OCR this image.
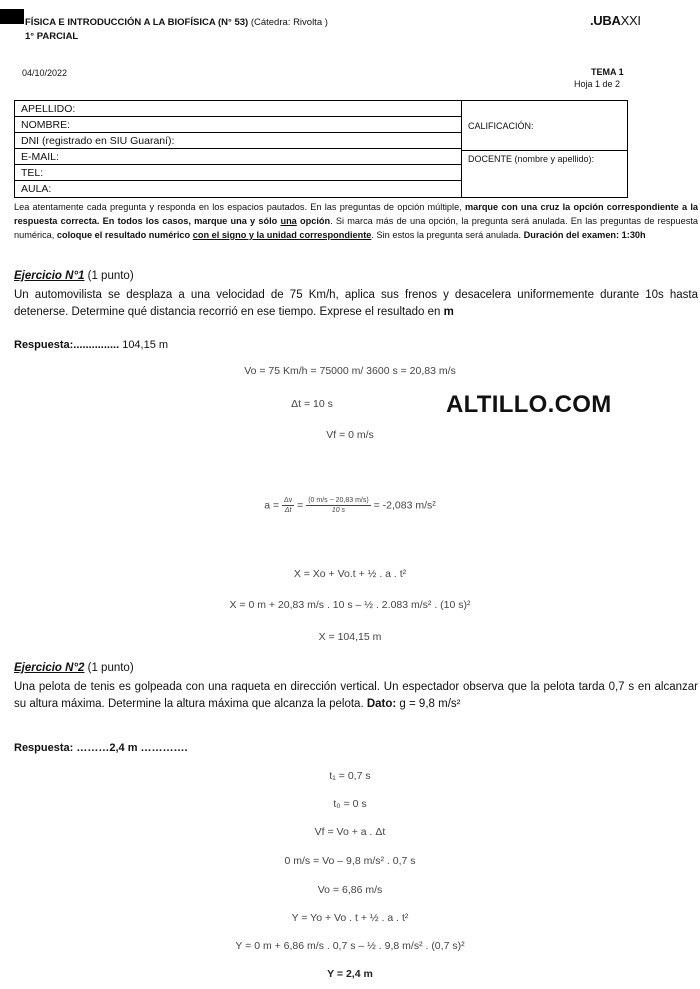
FÍSICA E INTRODUCCIÓN A LA BIOFÍSICA (N° 53) (Cátedra: Rivolta )
1° PARCIAL
.UBAXXI
04/10/2022	TEMA 1
Hoja 1 de 2
APELLIDO:
NOMBRE:
DNI (registrado en SIU Guaraní):
E-MAIL:
TEL:
AULA:
CALIFICACIÓN:
DOCENTE (nombre y apellido):
Lea atentamente cada pregunta y responda en los espacios pautados. En las preguntas de opción múltiple, marque con una cruz la opción correspondiente a la respuesta correcta. En todos los casos, marque una y sólo una opción. Si marca más de una opción, la pregunta será anulada. En las preguntas de respuesta numérica, coloque el resultado numérico con el signo y la unidad correspondiente. Sin estos la pregunta será anulada. Duración del examen: 1:30h
Ejercicio N°1 (1 punto)
Un automovilista se desplaza a una velocidad de 75 Km/h, aplica sus frenos y desacelera uniformemente durante 10s hasta detenerse. Determine qué distancia recorrió en ese tiempo. Exprese el resultado en m
Respuesta:............... 104,15 m
Vo = 75 Km/h = 75000 m/ 3600 s = 20,83 m/s
Δt = 10 s	ALTILLO.COM
Vf = 0 m/s
$a = \frac{\Delta v}{\Delta t} = \frac{(0 m/s - 20,83 m/s)}{10 s} = -2,083$ m/s²
X = Xo + Vo.t + ½ . a . t²
X = 0 m + 20,83 m/s . 10 s – ½ . 2.083 m/s² . (10 s)²
X = 104,15 m
Ejercicio N°2 (1 punto)
Una pelota de tenis es golpeada con una raqueta en dirección vertical. Un espectador observa que la pelota tarda 0,7 s en alcanzar su altura máxima. Determine la altura máxima que alcanza la pelota. Dato: g = 9,8 m/s²
Respuesta: ………2,4 m ………….
t₁ = 0,7 s
t₀ = 0 s
Vf = Vo + a . Δt
0 m/s = Vo – 9,8 m/s² . 0,7 s
Vo = 6,86 m/s
Y = Yo + Vo . t + ½ . a . t²
Y = 0 m + 6,86 m/s . 0,7 s – ½ . 9,8 m/s² . (0,7 s)²
Y = 2,4 m
